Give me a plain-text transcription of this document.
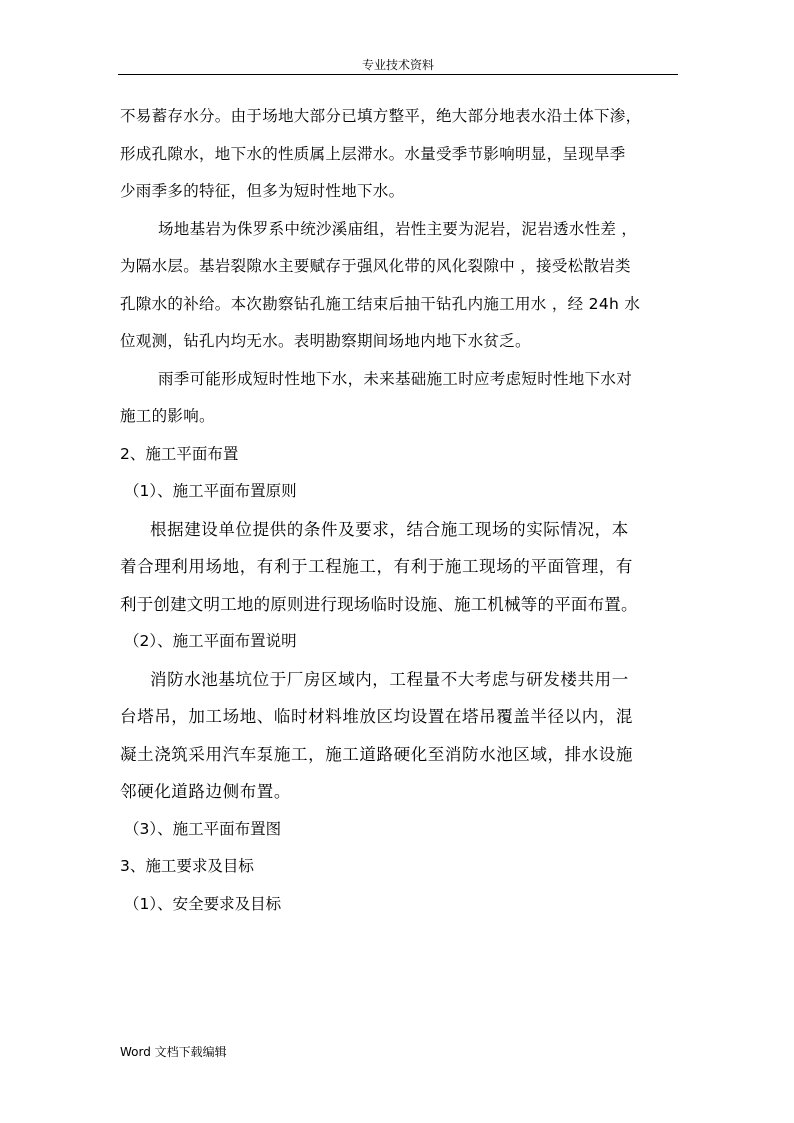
专业技术资料
不易蓄存水分。由于场地大部分已填方整平，绝大部分地表水沿土体下渗，
形成孔隙水，地下水的性质属上层滞水。水量受季节影响明显，呈现旱季
少雨季多的特征，但多为短时性地下水。
场地基岩为侏罗系中统沙溪庙组，岩性主要为泥岩，泥岩透水性差 ，
为隔水层。基岩裂隙水主要赋存于强风化带的风化裂隙中 ，接受松散岩类
孔隙水的补给。本次勘察钻孔施工结束后抽干钻孔内施工用水 ，经 24h 水
位观测，钻孔内均无水。表明勘察期间场地内地下水贫乏。
雨季可能形成短时性地下水，未来基础施工时应考虑短时性地下水对
施工的影响。
2、施工平面布置
（1）、施工平面布置原则
根据建设单位提供的条件及要求，结合施工现场的实际情况，本
着合理利用场地，有利于工程施工，有利于施工现场的平面管理，有
利于创建文明工地的原则进行现场临时设施、施工机械等的平面布置。
（2）、施工平面布置说明
消防水池基坑位于厂房区域内，工程量不大考虑与研发楼共用一
台塔吊，加工场地、临时材料堆放区均设置在塔吊覆盖半径以内，混
凝土浇筑采用汽车泵施工，施工道路硬化至消防水池区域，排水设施
邻硬化道路边侧布置。
（3）、施工平面布置图
3、施工要求及目标
（1）、安全要求及目标
Word 文档下载编辑
